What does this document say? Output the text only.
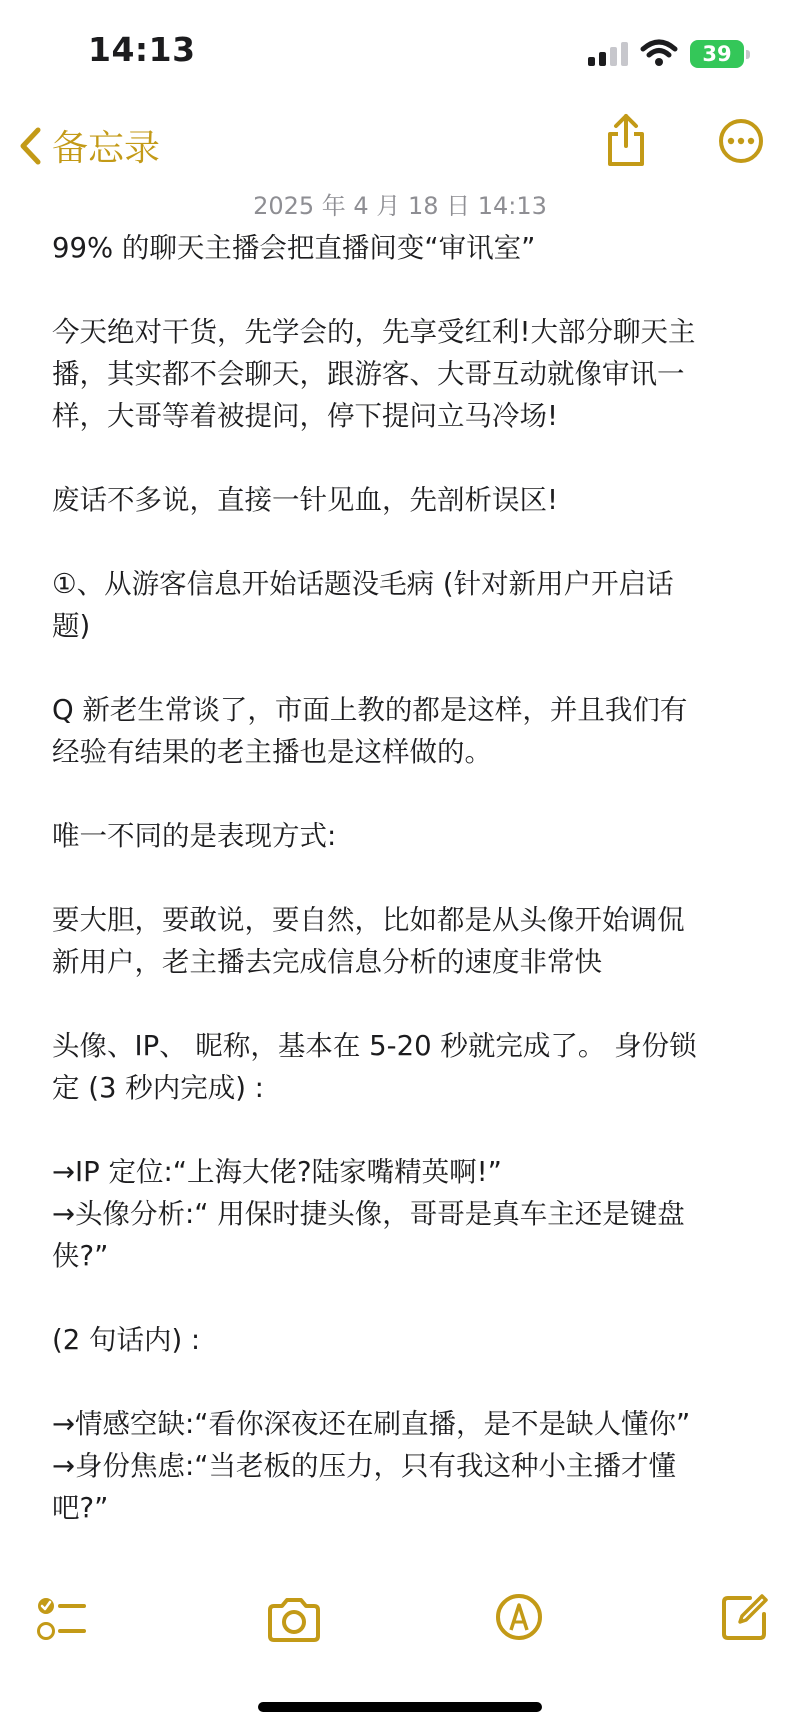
14:13	39
备忘录
2025 年 4 月 18 日 14:13
99% 的聊天主播会把直播间变“审讯室”
今天绝对干货，先学会的，先享受红利!大部分聊天主
播，其实都不会聊天，跟游客、大哥互动就像审讯一
样，大哥等着被提问，停下提问立马冷场!
废话不多说，直接一针见血，先剖析误区!
①、从游客信息开始话题没毛病 (针对新用户开启话
题)
Q 新老生常谈了，市面上教的都是这样，并且我们有
经验有结果的老主播也是这样做的。
唯一不同的是表现方式:
要大胆，要敢说，要自然，比如都是从头像开始调侃
新用户，老主播去完成信息分析的速度非常快
头像、IP、 昵称，基本在 5-20 秒就完成了。 身份锁
定 (3 秒内完成) :
→IP 定位:“上海大佬?陆家嘴精英啊!”
→头像分析:“ 用保时捷头像，哥哥是真车主还是键盘
侠?”
(2 句话内) :
→情感空缺:“看你深夜还在刷直播，是不是缺人懂你”
→身份焦虑:“当老板的压力，只有我这种小主播才懂
吧?”
